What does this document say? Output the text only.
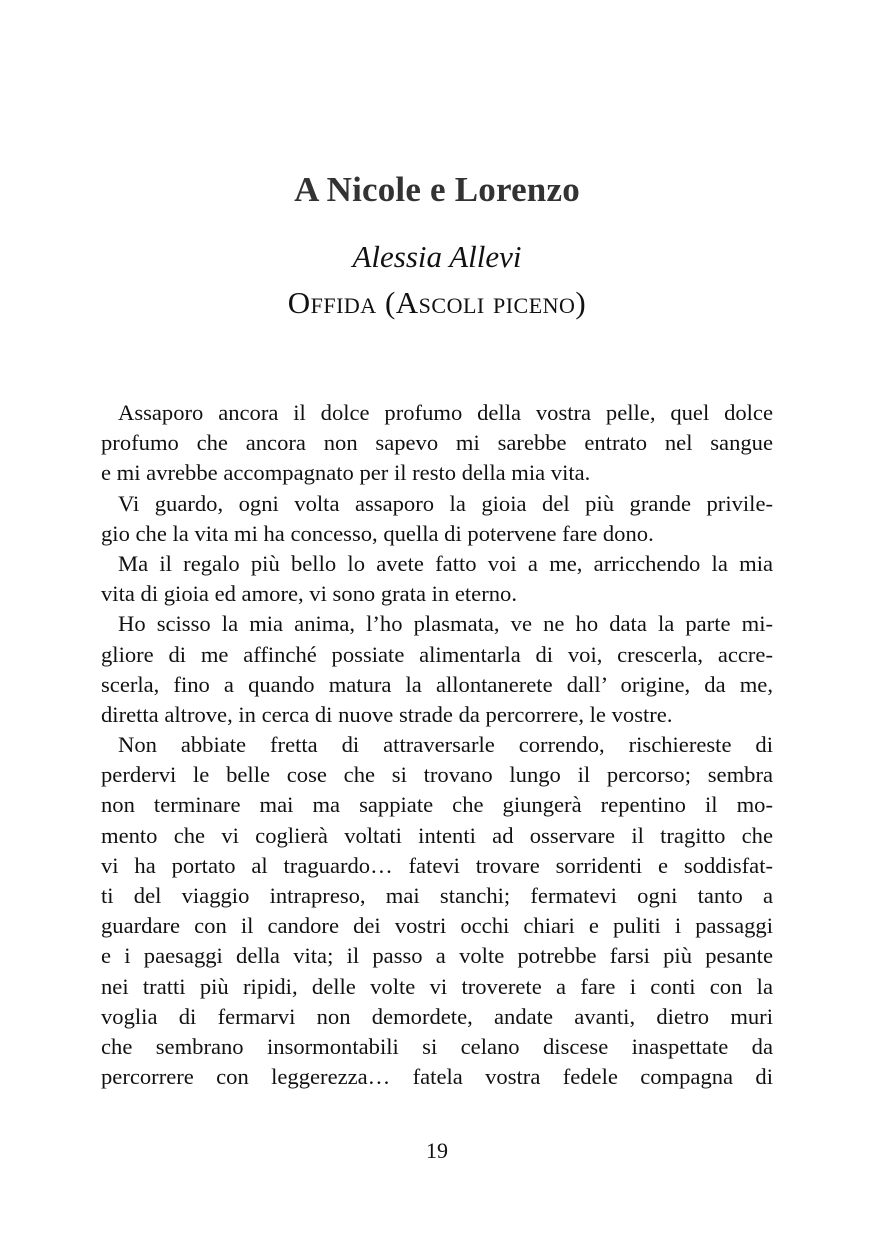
A Nicole e Lorenzo
Alessia Allevi
Offida (Ascoli piceno)
Assaporo ancora il dolce profumo della vostra pelle, quel dolce
profumo che ancora non sapevo mi sarebbe entrato nel sangue
e mi avrebbe accompagnato per il resto della mia vita.
Vi guardo, ogni volta assaporo la gioia del più grande privile-
gio che la vita mi ha concesso, quella di potervene fare dono.
Ma il regalo più bello lo avete fatto voi a me, arricchendo la mia
vita di gioia ed amore, vi sono grata in eterno.
Ho scisso la mia anima, l’ho plasmata, ve ne ho data la parte mi-
gliore di me affinché possiate alimentarla di voi, crescerla, accre-
scerla, fino a quando matura la allontanerete dall’ origine, da me,
diretta altrove, in cerca di nuove strade da percorrere, le vostre.
Non abbiate fretta di attraversarle correndo, rischiereste di
perdervi le belle cose che si trovano lungo il percorso; sembra
non terminare mai ma sappiate che giungerà repentino il mo-
mento che vi coglierà voltati intenti ad osservare il tragitto che
vi ha portato al traguardo… fatevi trovare sorridenti e soddisfat-
ti del viaggio intrapreso, mai stanchi; fermatevi ogni tanto a
guardare con il candore dei vostri occhi chiari e puliti i passaggi
e i paesaggi della vita; il passo a volte potrebbe farsi più pesante
nei tratti più ripidi, delle volte vi troverete a fare i conti con la
voglia di fermarvi non demordete, andate avanti, dietro muri
che sembrano insormontabili si celano discese inaspettate da
percorrere con leggerezza… fatela vostra fedele compagna di
19
